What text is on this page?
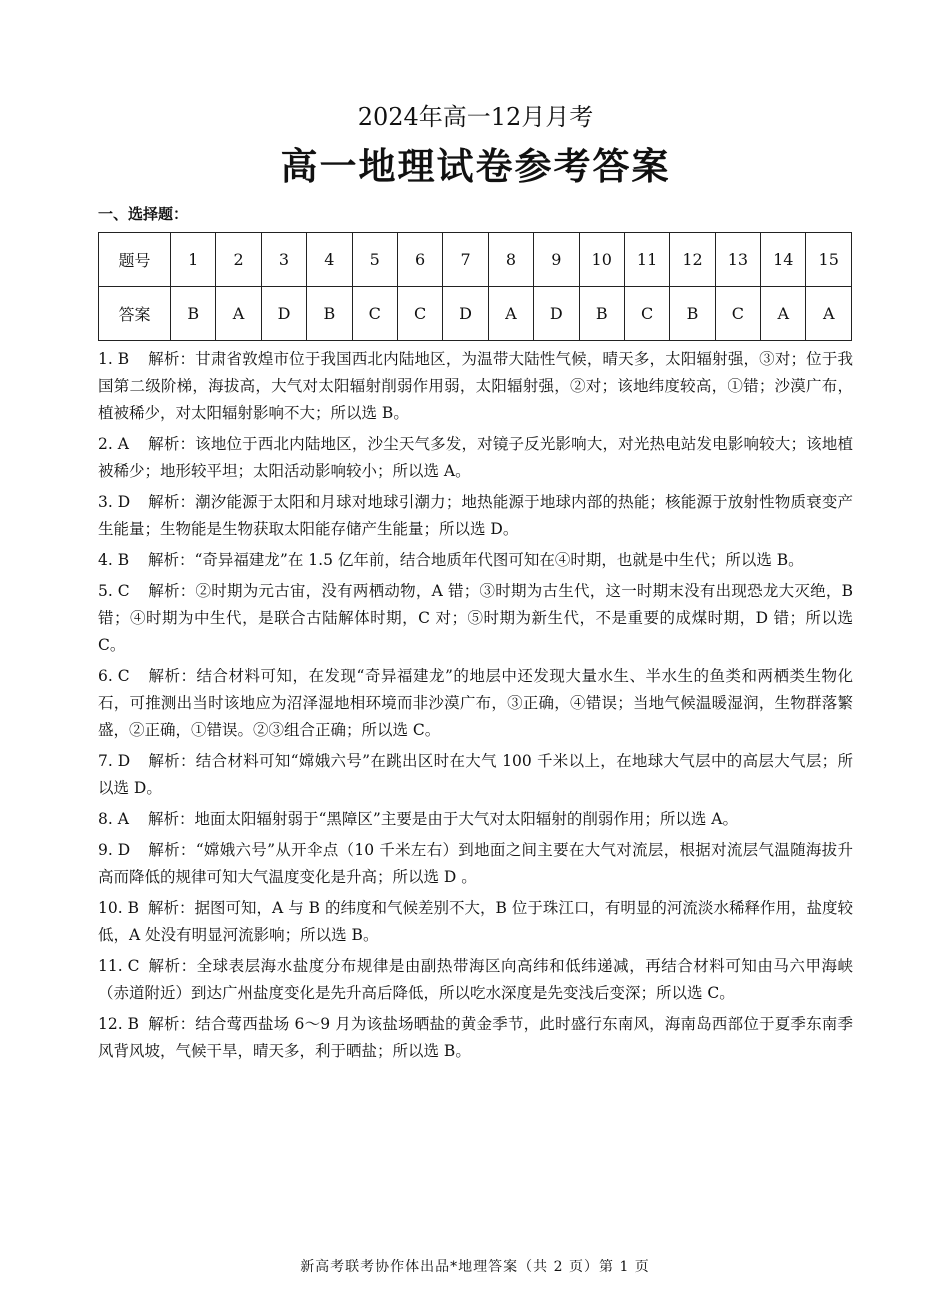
2024年高一12月月考

高一地理试卷参考答案
一、选择题：
题号	1	2	3	4	5	6	7	8	9	10	11	12	13	14	15
答案	B	A	D	B	C	C	D	A	D	B	C	B	C	A	A

1. B 解析：甘肃省敦煌市位于我国西北内陆地区，为温带大陆性气候，晴天多，太阳辐射强，③对；位于我国第二级阶梯，海拔高，大气对太阳辐射削弱作用弱，太阳辐射强，②对；该地纬度较高，①错；沙漠广布，植被稀少，对太阳辐射影响不大；所以选 B。

2. A 解析：该地位于西北内陆地区，沙尘天气多发，对镜子反光影响大，对光热电站发电影响较大；该地植被稀少；地形较平坦；太阳活动影响较小；所以选 A。

3. D 解析：潮汐能源于太阳和月球对地球引潮力；地热能源于地球内部的热能；核能源于放射性物质衰变产生能量；生物能是生物获取太阳能存储产生能量；所以选 D。

4. B 解析：“奇异福建龙”在 1.5 亿年前，结合地质年代图可知在④时期，也就是中生代；所以选 B。

5. C 解析：②时期为元古宙，没有两栖动物，A 错；③时期为古生代，这一时期末没有出现恐龙大灭绝，B 错；④时期为中生代，是联合古陆解体时期，C 对；⑤时期为新生代，不是重要的成煤时期，D 错；所以选 C。

6. C 解析：结合材料可知，在发现“奇异福建龙”的地层中还发现大量水生、半水生的鱼类和两栖类生物化石，可推测出当时该地应为沼泽湿地相环境而非沙漠广布，③正确，④错误；当地气候温暖湿润，生物群落繁盛，②正确，①错误。②③组合正确；所以选 C。

7. D 解析：结合材料可知“嫦娥六号”在跳出区时在大气 100 千米以上，在地球大气层中的高层大气层；所以选 D。

8. A 解析：地面太阳辐射弱于“黑障区”主要是由于大气对太阳辐射的削弱作用；所以选 A。

9. D 解析：“嫦娥六号”从开伞点（10 千米左右）到地面之间主要在大气对流层，根据对流层气温随海拔升高而降低的规律可知大气温度变化是升高；所以选 D 。

10. B 解析：据图可知，A 与 B 的纬度和气候差别不大，B 位于珠江口，有明显的河流淡水稀释作用，盐度较低，A 处没有明显河流影响；所以选 B。

11. C 解析：全球表层海水盐度分布规律是由副热带海区向高纬和低纬递减，再结合材料可知由马六甲海峡（赤道附近）到达广州盐度变化是先升高后降低，所以吃水深度是先变浅后变深；所以选 C。

12. B 解析：结合莺西盐场 6～9 月为该盐场晒盐的黄金季节，此时盛行东南风，海南岛西部位于夏季东南季风背风坡，气候干旱，晴天多，利于晒盐；所以选 B。

新高考联考协作体出品*地理答案（共 2 页）第 1 页
